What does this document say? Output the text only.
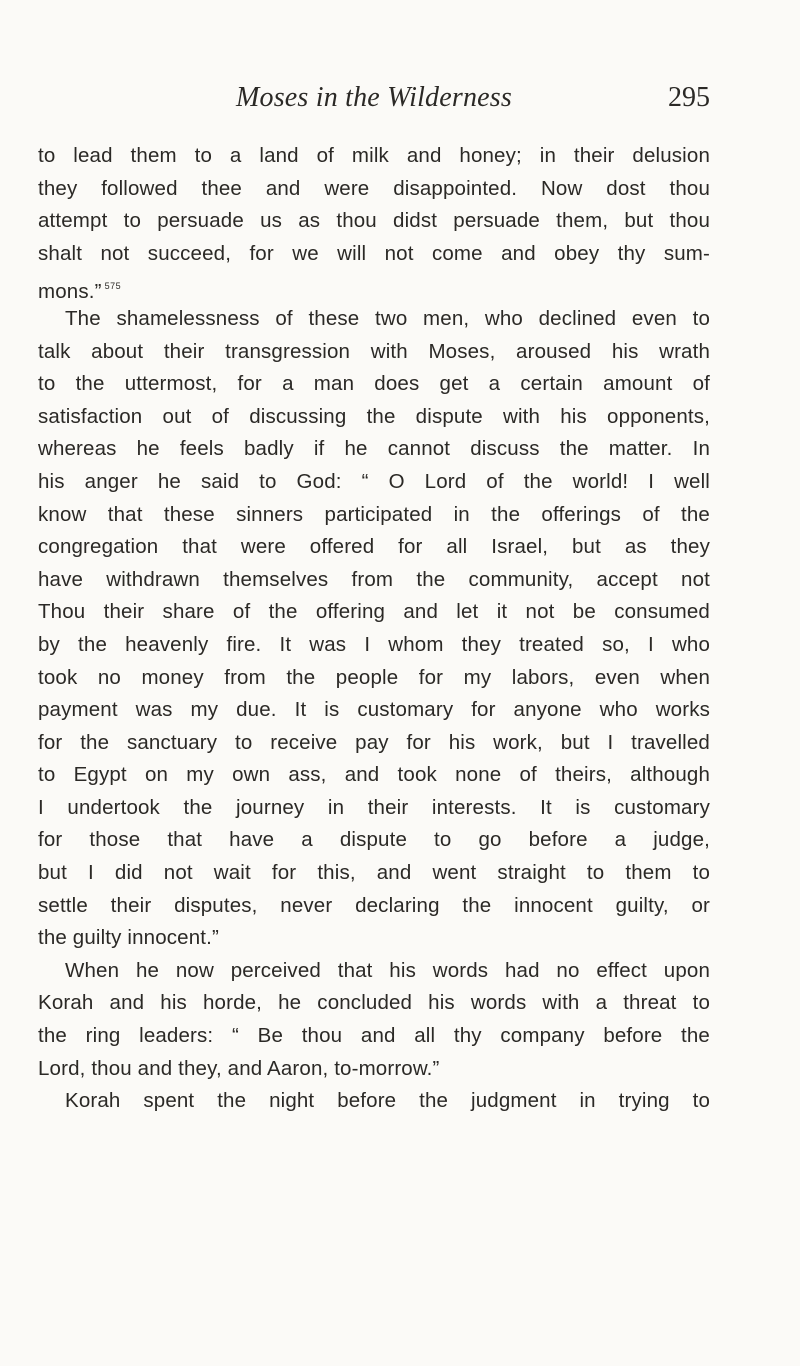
Moses in the Wilderness	295
to lead them to a land of milk and honey; in their delusion
they followed thee and were disappointed. Now dost thou
attempt to persuade us as thou didst persuade them, but thou
shalt not succeed, for we will not come and obey thy sum-
mons.” $^{575}$
The shamelessness of these two men, who declined even to
talk about their transgression with Moses, aroused his wrath
to the uttermost, for a man does get a certain amount of
satisfaction out of discussing the dispute with his opponents,
whereas he feels badly if he cannot discuss the matter. In
his anger he said to God: “ O Lord of the world! I well
know that these sinners participated in the offerings of the
congregation that were offered for all Israel, but as they
have withdrawn themselves from the community, accept not
Thou their share of the offering and let it not be consumed
by the heavenly fire. It was I whom they treated so, I who
took no money from the people for my labors, even when
payment was my due. It is customary for anyone who works
for the sanctuary to receive pay for his work, but I travelled
to Egypt on my own ass, and took none of theirs, although
I undertook the journey in their interests. It is customary
for those that have a dispute to go before a judge,
but I did not wait for this, and went straight to them to
settle their disputes, never declaring the innocent guilty, or
the guilty innocent.”
When he now perceived that his words had no effect upon
Korah and his horde, he concluded his words with a threat to
the ring leaders: “ Be thou and all thy company before the
Lord, thou and they, and Aaron, to-morrow.”
Korah spent the night before the judgment in trying to
